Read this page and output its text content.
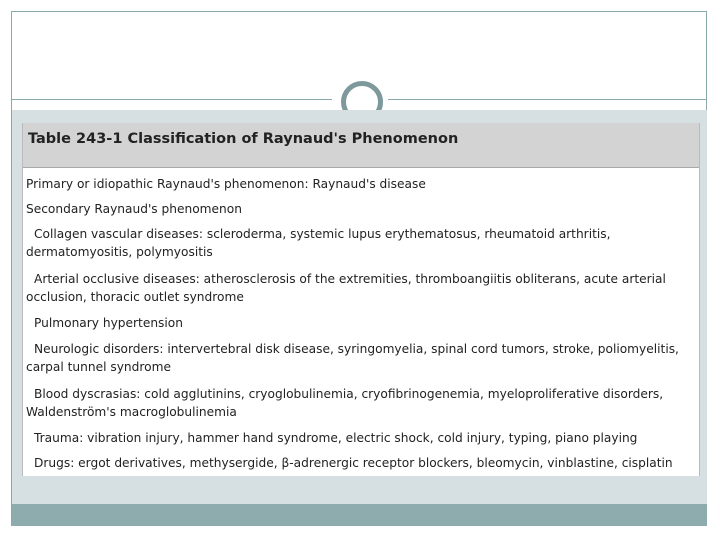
Table 243-1 Classification of Raynaud's Phenomenon
Primary or idiopathic Raynaud's phenomenon: Raynaud's disease
Secondary Raynaud's phenomenon
Collagen vascular diseases: scleroderma, systemic lupus erythematosus, rheumatoid arthritis, dermatomyositis, polymyositis
Arterial occlusive diseases: atherosclerosis of the extremities, thromboangiitis obliterans, acute arterial occlusion, thoracic outlet syndrome
Pulmonary hypertension
Neurologic disorders: intervertebral disk disease, syringomyelia, spinal cord tumors, stroke, poliomyelitis, carpal tunnel syndrome
Blood dyscrasias: cold agglutinins, cryoglobulinemia, cryofibrinogenemia, myeloproliferative disorders, Waldenström's macroglobulinemia
Trauma: vibration injury, hammer hand syndrome, electric shock, cold injury, typing, piano playing
Drugs: ergot derivatives, methysergide, β-adrenergic receptor blockers, bleomycin, vinblastine, cisplatin
